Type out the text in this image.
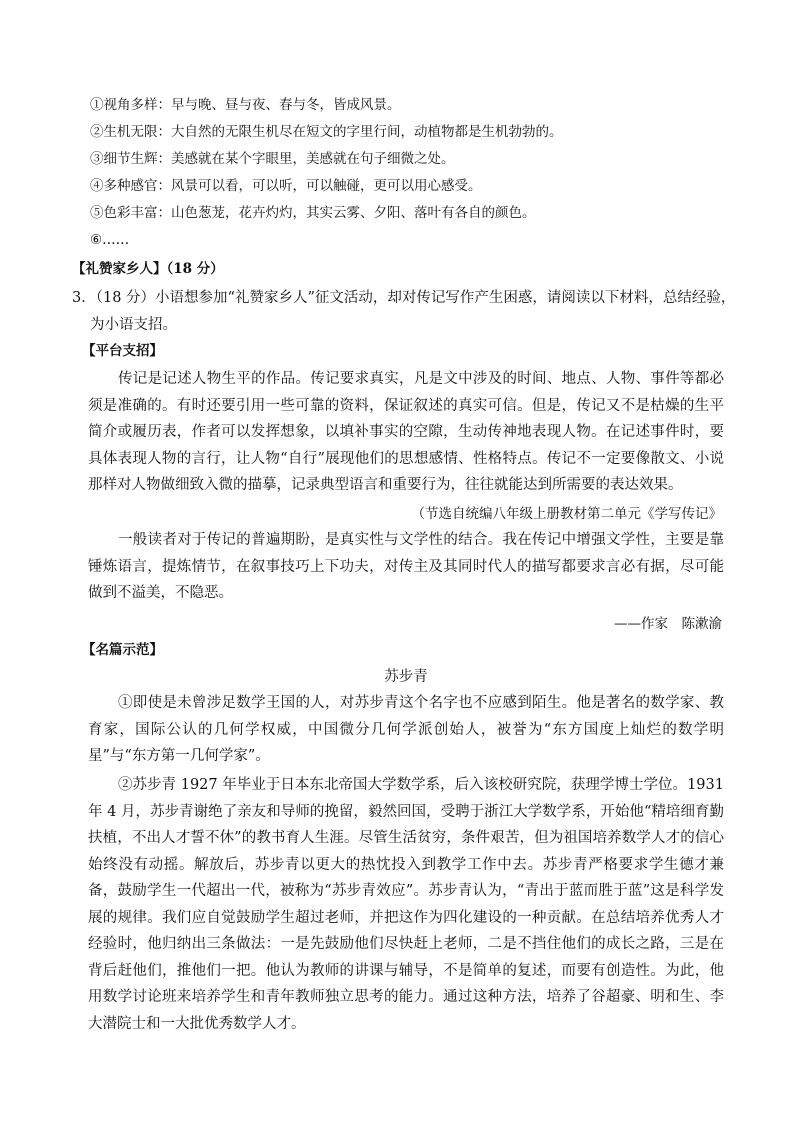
①视角多样：早与晚、昼与夜、春与冬，皆成风景。
②生机无限：大自然的无限生机尽在短文的字里行间，动植物都是生机勃勃的。
③细节生辉：美感就在某个字眼里，美感就在句子细微之处。
④多种感官：风景可以看，可以听，可以触碰，更可以用心感受。
⑤色彩丰富：山色葱茏，花卉灼灼，其实云雾、夕阳、落叶有各自的颜色。
⑥……
【礼赞家乡人】（18 分）
3．（18 分）小语想参加“礼赞家乡人”征文活动，却对传记写作产生困惑，请阅读以下材料，总结经验，
为小语支招。
【平台支招】
传记是记述人物生平的作品。传记要求真实，凡是文中涉及的时间、地点、人物、事件等都必须是准确的。有时还要引用一些可靠的资料，保证叙述的真实可信。但是，传记又不是枯燥的生平简介或履历表，作者可以发挥想象，以填补事实的空隙，生动传神地表现人物。在记述事件时，要具体表现人物的言行，让人物“自行”展现他们的思想感情、性格特点。传记不一定要像散文、小说那样对人物做细致入微的描摹，记录典型语言和重要行为，往往就能达到所需要的表达效果。
（节选自统编八年级上册教材第二单元《学写传记》
一般读者对于传记的普遍期盼，是真实性与文学性的结合。我在传记中增强文学性，主要是靠锤炼语言，提炼情节，在叙事技巧上下功夫，对传主及其同时代人的描写都要求言必有据，尽可能做到不溢美，不隐恶。
——作家　陈漱渝
【名篇示范】
苏步青
①即使是未曾涉足数学王国的人，对苏步青这个名字也不应感到陌生。他是著名的数学家、教育家，国际公认的几何学权威，中国微分几何学派创始人，被誉为“东方国度上灿烂的数学明星”与“东方第一几何学家”。
②苏步青 1927 年毕业于日本东北帝国大学数学系，后入该校研究院，获理学博士学位。1931 年 4 月，苏步青谢绝了亲友和导师的挽留，毅然回国，受聘于浙江大学数学系，开始他“精培细育勤扶植，不出人才誓不休”的教书育人生涯。尽管生活贫穷，条件艰苦，但为祖国培养数学人才的信心始终没有动摇。解放后，苏步青以更大的热忱投入到教学工作中去。苏步青严格要求学生德才兼备，鼓励学生一代超出一代，被称为“苏步青效应”。苏步青认为，“青出于蓝而胜于蓝”这是科学发展的规律。我们应自觉鼓励学生超过老师，并把这作为四化建设的一种贡献。在总结培养优秀人才经验时，他归纳出三条做法：一是先鼓励他们尽快赶上老师，二是不挡住他们的成长之路，三是在背后赶他们，推他们一把。他认为教师的讲课与辅导，不是简单的复述，而要有创造性。为此，他用数学讨论班来培养学生和青年教师独立思考的能力。通过这种方法，培养了谷超豪、明和生、李大潜院士和一大批优秀数学人才。
